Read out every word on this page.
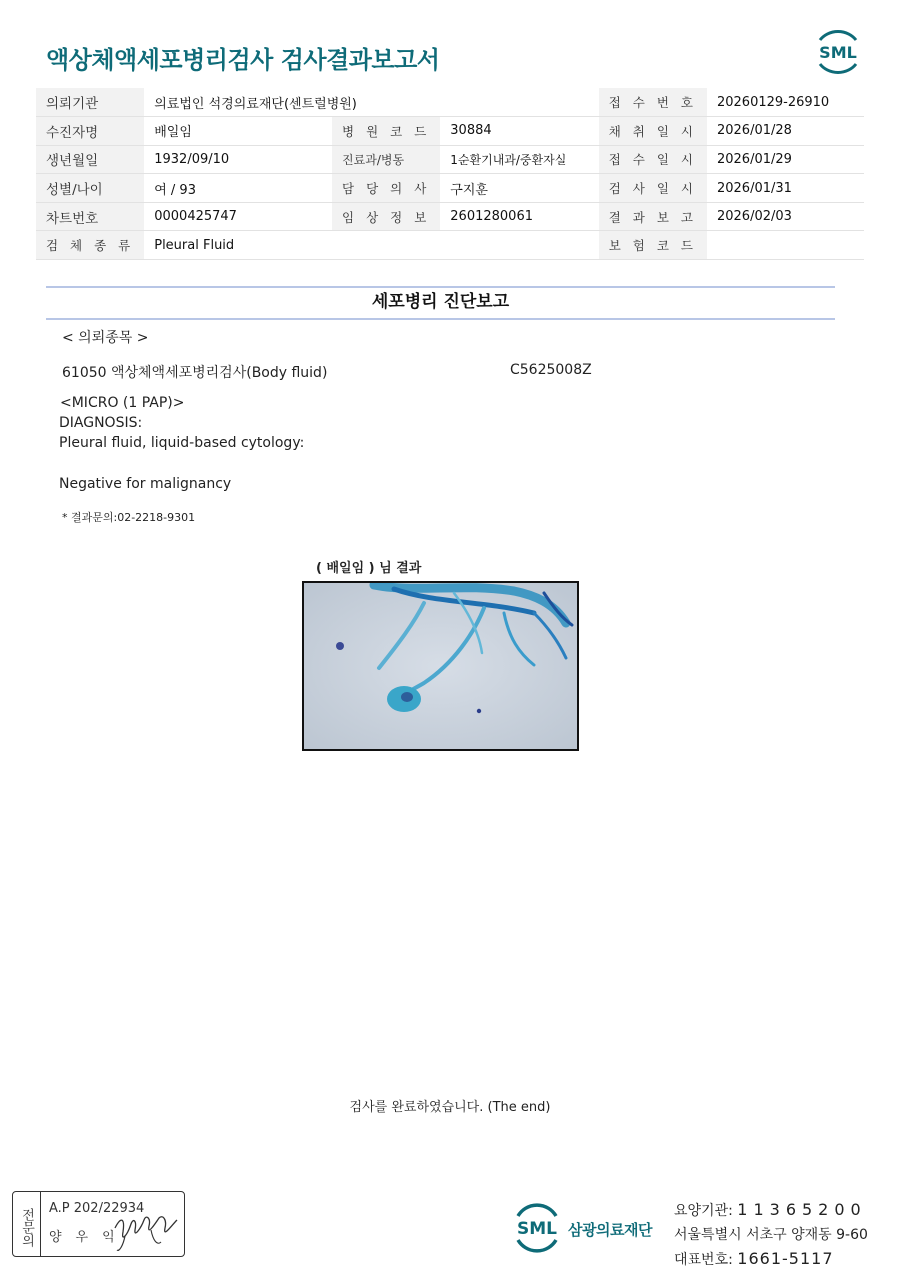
액상체액세포병리검사 검사결과보고서	SML
의뢰기관	의료법인 석경의료재단(센트럴병원)			접 수 번 호	20260129-26910
수진자명	배일임	병 원 코 드	30884	채 취 일 시	2026/01/28
생년월일	1932/09/10	진료과/병동	1순환기내과/중환자실	접 수 일 시	2026/01/29
성별/나이	여 / 93	담 당 의 사	구지훈	검 사 일 시	2026/01/31
차트번호	0000425747	임 상 정 보	2601280061	결 과 보 고	2026/02/03
검 체 종 류	Pleural Fluid			보 험 코 드	
세포병리 진단보고
< 의뢰종목 >
61050 액상체액세포병리검사(Body fluid)	C5625008Z
<MICRO (1 PAP)>
DIAGNOSIS:
Pleural fluid, liquid-based cytology:
Negative for malignancy
* 결과문의:02-2218-9301
( 배일임 ) 님 결과
검사를 완료하였습니다. (The end)
전문의	A.P 202/22934
양우익	SML 삼광의료재단
요양기관: 11365200
서울특별시 서초구 양재동 9-60
대표번호: 1661-5117
